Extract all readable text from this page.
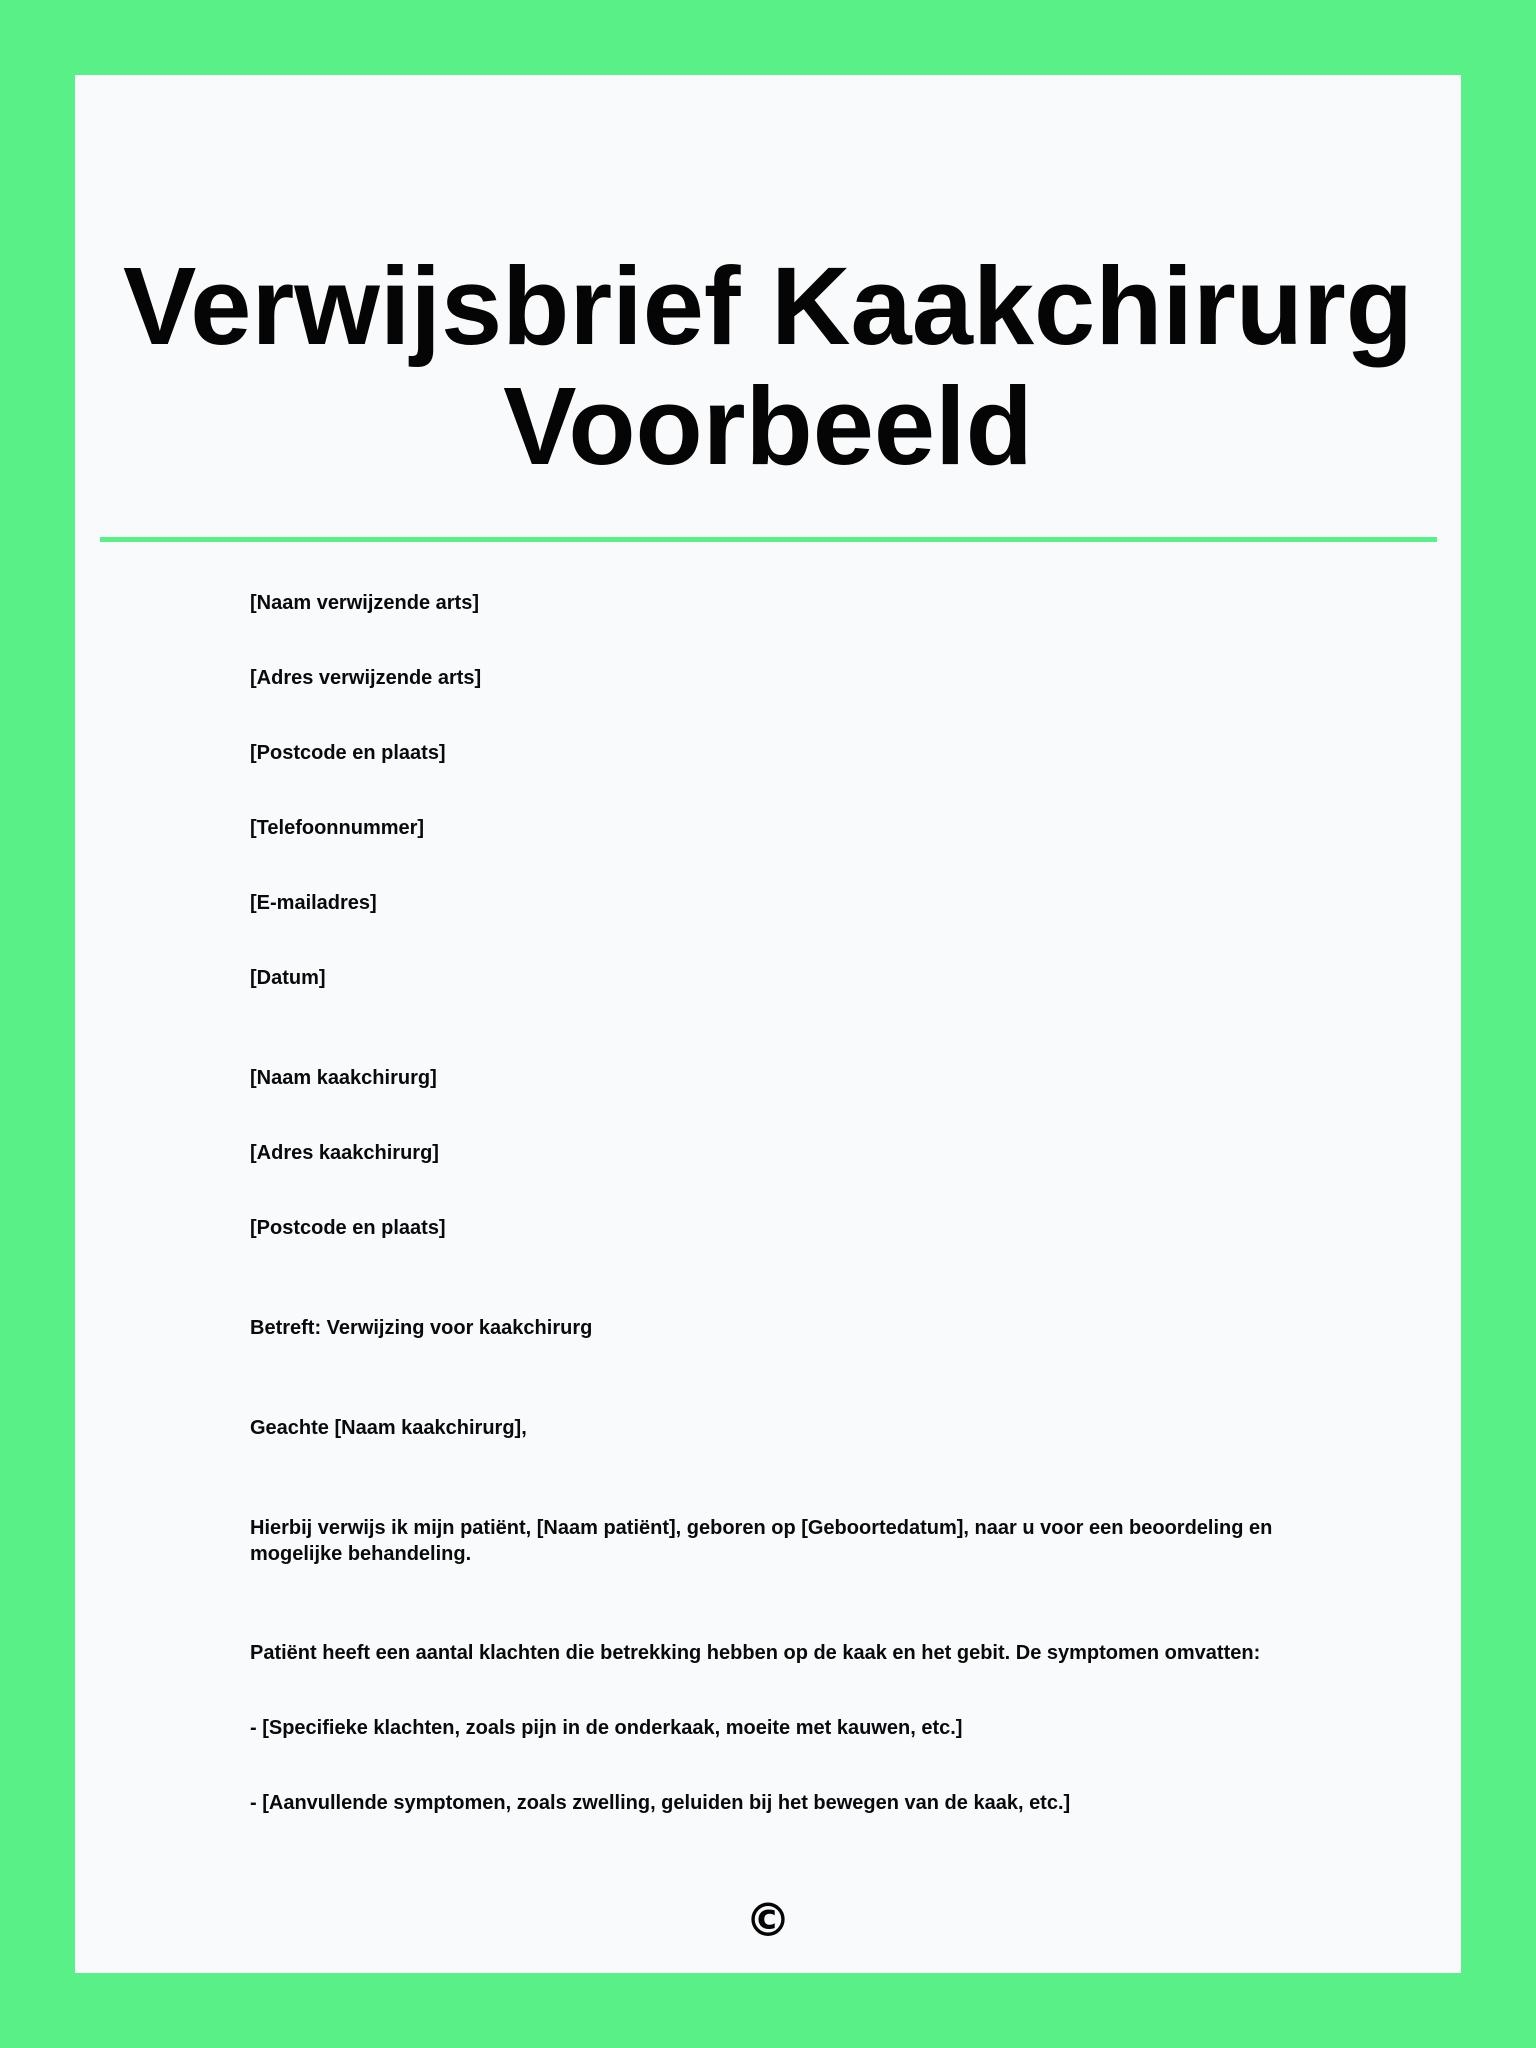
Verwijsbrief Kaakchirurg Voorbeeld

[Naam verwijzende arts]

[Adres verwijzende arts]

[Postcode en plaats]

[Telefoonnummer]

[E-mailadres]

[Datum]

[Naam kaakchirurg]

[Adres kaakchirurg]

[Postcode en plaats]

Betreft: Verwijzing voor kaakchirurg

Geachte [Naam kaakchirurg],

Hierbij verwijs ik mijn patiënt, [Naam patiënt], geboren op [Geboortedatum], naar u voor een beoordeling en mogelijke behandeling.

Patiënt heeft een aantal klachten die betrekking hebben op de kaak en het gebit. De symptomen omvatten:

- [Specifieke klachten, zoals pijn in de onderkaak, moeite met kauwen, etc.]

- [Aanvullende symptomen, zoals zwelling, geluiden bij het bewegen van de kaak, etc.]

©
